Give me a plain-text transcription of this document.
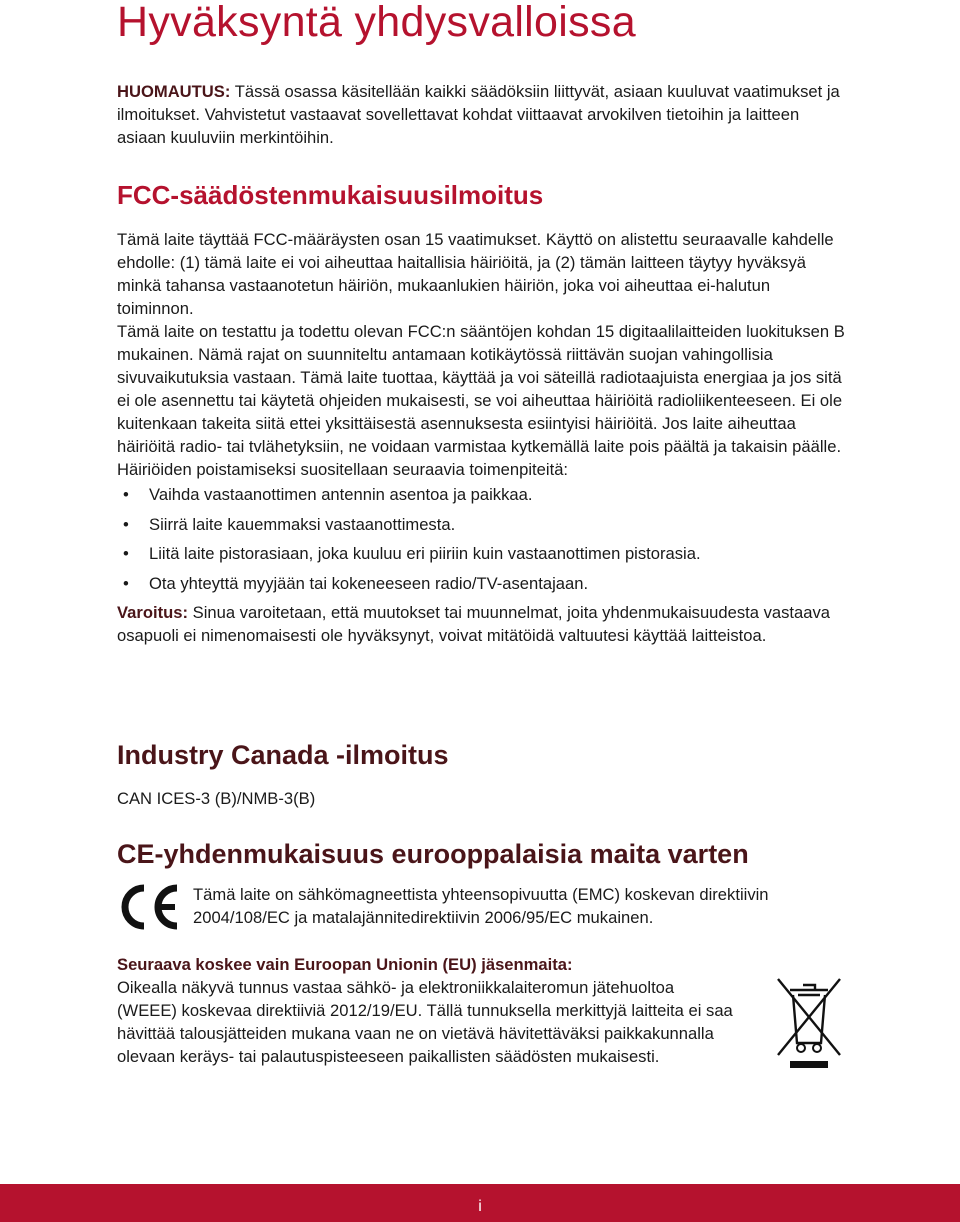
Hyväksyntä yhdysvalloissa

HUOMAUTUS: Tässä osassa käsitellään kaikki säädöksiin liittyvät, asiaan kuuluvat vaatimukset ja ilmoitukset. Vahvistetut vastaavat sovellettavat kohdat viittaavat arvokilven tietoihin ja laitteen asiaan kuuluviin merkintöihin.

FCC-säädöstenmukaisuusilmoitus

Tämä laite täyttää FCC-määräysten osan 15 vaatimukset. Käyttö on alistettu seuraavalle kahdelle ehdolle: (1) tämä laite ei voi aiheuttaa haitallisia häiriöitä, ja (2) tämän laitteen täytyy hyväksyä minkä tahansa vastaanotetun häiriön, mukaanlukien häiriön, joka voi aiheuttaa ei-halutun toiminnon.

Tämä laite on testattu ja todettu olevan FCC:n sääntöjen kohdan 15 digitaalilaitteiden luokituksen B mukainen. Nämä rajat on suunniteltu antamaan kotikäytössä riittävän suojan vahingollisia sivuvaikutuksia vastaan. Tämä laite tuottaa, käyttää ja voi säteillä radiotaajuista energiaa ja jos sitä ei ole asennettu tai käytetä ohjeiden mukaisesti, se voi aiheuttaa häiriöitä radioliikenteeseen. Ei ole kuitenkaan takeita siitä ettei yksittäisestä asennuksesta esiintyisi häiriöitä. Jos laite aiheuttaa häiriöitä radio- tai tvlähetyksiin, ne voidaan varmistaa kytkemällä laite pois päältä ja takaisin päälle.

Häiriöiden poistamiseksi suositellaan seuraavia toimenpiteitä:

• Vaihda vastaanottimen antennin asentoa ja paikkaa.
• Siirrä laite kauemmaksi vastaanottimesta.
• Liitä laite pistorasiaan, joka kuuluu eri piiriin kuin vastaanottimen pistorasia.
• Ota yhteyttä myyjään tai kokeneeseen radio/TV-asentajaan.

Varoitus: Sinua varoitetaan, että muutokset tai muunnelmat, joita yhdenmukaisuudesta vastaava osapuoli ei nimenomaisesti ole hyväksynyt, voivat mitätöidä valtuutesi käyttää laitteistoa.

Industry Canada -ilmoitus

CAN ICES-3 (B)/NMB-3(B)

CE-yhdenmukaisuus eurooppalaisia maita varten

Tämä laite on sähkömagneettista yhteensopivuutta (EMC) koskevan direktiivin 2004/108/EC ja matalajännitedirektiivin 2006/95/EC mukainen.

Seuraava koskee vain Euroopan Unionin (EU) jäsenmaita:

Oikealla näkyvä tunnus vastaa sähkö- ja elektroniikkalaiteromun jätehuoltoa (WEEE) koskevaa direktiiviä 2012/19/EU. Tällä tunnuksella merkittyjä laitteita ei saa hävittää talousjätteiden mukana vaan ne on vietävä hävitettäväksi paikkakunnalla olevaan keräys- tai palautuspisteeseen paikallisten säädösten mukaisesti.

i
